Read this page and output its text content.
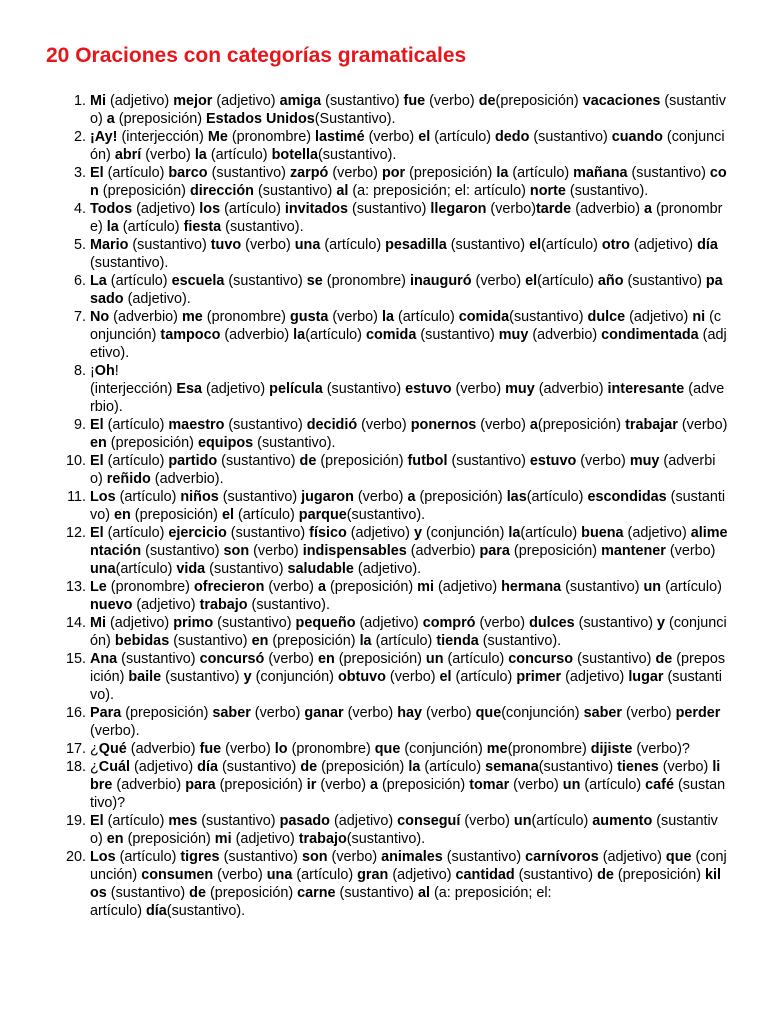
20 Oraciones con categorías gramaticales
1. Mi (adjetivo) mejor (adjetivo) amiga (sustantivo) fue (verbo) de(preposición) vacaciones (sustantivo) a (preposición) Estados Unidos(Sustantivo).
2. ¡Ay! (interjección) Me (pronombre) lastimé (verbo) el (artículo) dedo (sustantivo) cuando (conjunción) abrí (verbo) la (artículo) botella(sustantivo).
3. El (artículo) barco (sustantivo) zarpó (verbo) por (preposición) la (artículo) mañana (sustantivo) con (preposición) dirección (sustantivo) al (a: preposición; el: artículo) norte (sustantivo).
4. Todos (adjetivo) los (artículo) invitados (sustantivo) llegaron (verbo)tarde (adverbio) a (pronombre) la (artículo) fiesta (sustantivo).
5. Mario (sustantivo) tuvo (verbo) una (artículo) pesadilla (sustantivo) el(artículo) otro (adjetivo) día (sustantivo).
6. La (artículo) escuela (sustantivo) se (pronombre) inauguró (verbo) el(artículo) año (sustantivo) pasado (adjetivo).
7. No (adverbio) me (pronombre) gusta (verbo) la (artículo) comida(sustantivo) dulce (adjetivo) ni (conjunción) tampoco (adverbio) la(artículo) comida (sustantivo) muy (adverbio) condimentada (adjetivo).
8. ¡Oh!
(interjección) Esa (adjetivo) película (sustantivo) estuvo (verbo) muy (adverbio) interesante (adverbio).
9. El (artículo) maestro (sustantivo) decidió (verbo) ponernos (verbo) a(preposición) trabajar (verbo) en (preposición) equipos (sustantivo).
10. El (artículo) partido (sustantivo) de (preposición) futbol (sustantivo) estuvo (verbo) muy (adverbio) reñido (adverbio).
11. Los (artículo) niños (sustantivo) jugaron (verbo) a (preposición) las(artículo) escondidas (sustantivo) en (preposición) el (artículo) parque(sustantivo).
12. El (artículo) ejercicio (sustantivo) físico (adjetivo) y (conjunción) la(artículo) buena (adjetivo) alimentación (sustantivo) son (verbo) indispensables (adverbio) para (preposición) mantener (verbo) una(artículo) vida (sustantivo) saludable (adjetivo).
13. Le (pronombre) ofrecieron (verbo) a (preposición) mi (adjetivo) hermana (sustantivo) un (artículo) nuevo (adjetivo) trabajo (sustantivo).
14. Mi (adjetivo) primo (sustantivo) pequeño (adjetivo) compró (verbo) dulces (sustantivo) y (conjunción) bebidas (sustantivo) en (preposición) la (artículo) tienda (sustantivo).
15. Ana (sustantivo) concursó (verbo) en (preposición) un (artículo) concurso (sustantivo) de (preposición) baile (sustantivo) y (conjunción) obtuvo (verbo) el (artículo) primer (adjetivo) lugar (sustantivo).
16. Para (preposición) saber (verbo) ganar (verbo) hay (verbo) que(conjunción) saber (verbo) perder (verbo).
17. ¿Qué (adverbio) fue (verbo) lo (pronombre) que (conjunción) me(pronombre) dijiste (verbo)?
18. ¿Cuál (adjetivo) día (sustantivo) de (preposición) la (artículo) semana(sustantivo) tienes (verbo) libre (adverbio) para (preposición) ir (verbo) a (preposición) tomar (verbo) un (artículo) café (sustantivo)?
19. El (artículo) mes (sustantivo) pasado (adjetivo) conseguí (verbo) un(artículo) aumento (sustantivo) en (preposición) mi (adjetivo) trabajo(sustantivo).
20. Los (artículo) tigres (sustantivo) son (verbo) animales (sustantivo) carnívoros (adjetivo) que (conjunción) consumen (verbo) una (artículo) gran (adjetivo) cantidad (sustantivo) de (preposición) kilos (sustantivo) de (preposición) carne (sustantivo) al (a: preposición; el:
artículo) día(sustantivo).
